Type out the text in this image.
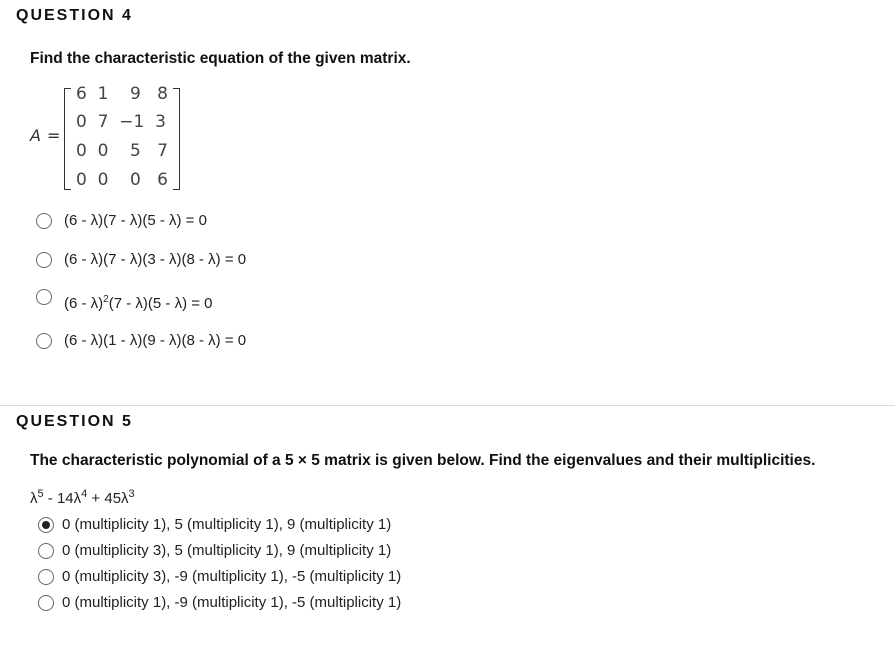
QUESTION 4
Find the characteristic equation of the given matrix.
A =
6  1    9   8
0  7  −1  3
0  0    5   7
0  0    0   6
(6 - λ)(7 - λ)(5 - λ) = 0
(6 - λ)(7 - λ)(3 - λ)(8 - λ) = 0
(6 - λ)$^2$(7 - λ)(5 - λ) = 0
(6 - λ)(1 - λ)(9 - λ)(8 - λ) = 0
QUESTION 5
The characteristic polynomial of a 5 × 5 matrix is given below. Find the eigenvalues and their multiplicities.
$\lambda^5 - 14\lambda^4 + 45\lambda^3$
0 (multiplicity 1), 5 (multiplicity 1), 9 (multiplicity 1)
0 (multiplicity 3), 5 (multiplicity 1), 9 (multiplicity 1)
0 (multiplicity 3), -9 (multiplicity 1), -5 (multiplicity 1)
0 (multiplicity 1), -9 (multiplicity 1), -5 (multiplicity 1)
